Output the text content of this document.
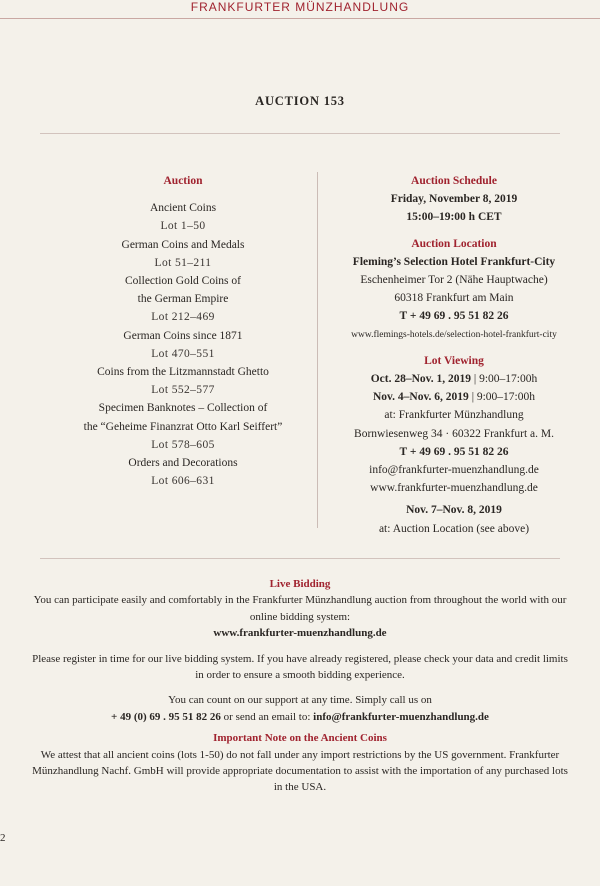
FRANKFURTER MÜNZHANDLUNG
AUCTION 153
Auction
Ancient Coins
Lot 1–50
German Coins and Medals
Lot 51–211
Collection Gold Coins of
the German Empire
Lot 212–469
German Coins since 1871
Lot 470–551
Coins from the Litzmannstadt Ghetto
Lot 552–577
Specimen Banknotes – Collection of
the “Geheime Finanzrat Otto Karl Seiffert”
Lot 578–605
Orders and Decorations
Lot 606–631
Auction Schedule
Friday, November 8, 2019
15:00–19:00 h CET
Auction Location
Fleming’s Selection Hotel Frankfurt-City
Eschenheimer Tor 2 (Nähe Hauptwache)
60318 Frankfurt am Main
T + 49 69 . 95 51 82 26
www.flemings-hotels.de/selection-hotel-frankfurt-city
Lot Viewing
Oct. 28–Nov. 1, 2019 | 9:00–17:00h
Nov. 4–Nov. 6, 2019 | 9:00–17:00h
at: Frankfurter Münzhandlung
Bornwiesenweg 34 · 60322 Frankfurt a. M.
T + 49 69 . 95 51 82 26
info@frankfurter-muenzhandlung.de
www.frankfurter-muenzhandlung.de
Nov. 7–Nov. 8, 2019
at: Auction Location (see above)

Live Bidding

You can participate easily and comfortably in the Frankfurter Münzhandlung auction from throughout the world with our online bidding system:

www.frankfurter-muenzhandlung.de

Please register in time for our live bidding system. If you have already registered, please check your data and credit limits in order to ensure a smooth bidding experience.

You can count on our support at any time. Simply call us on

+ 49 (0) 69 . 95 51 82 26 or send an email to: info@frankfurter-muenzhandlung.de

Important Note on the Ancient Coins

We attest that all ancient coins (lots 1-50) do not fall under any import restrictions by the US government. Frankfurter Münzhandlung Nachf. GmbH will provide appropriate documentation to assist with the importation of any purchased lots in the USA.

2
